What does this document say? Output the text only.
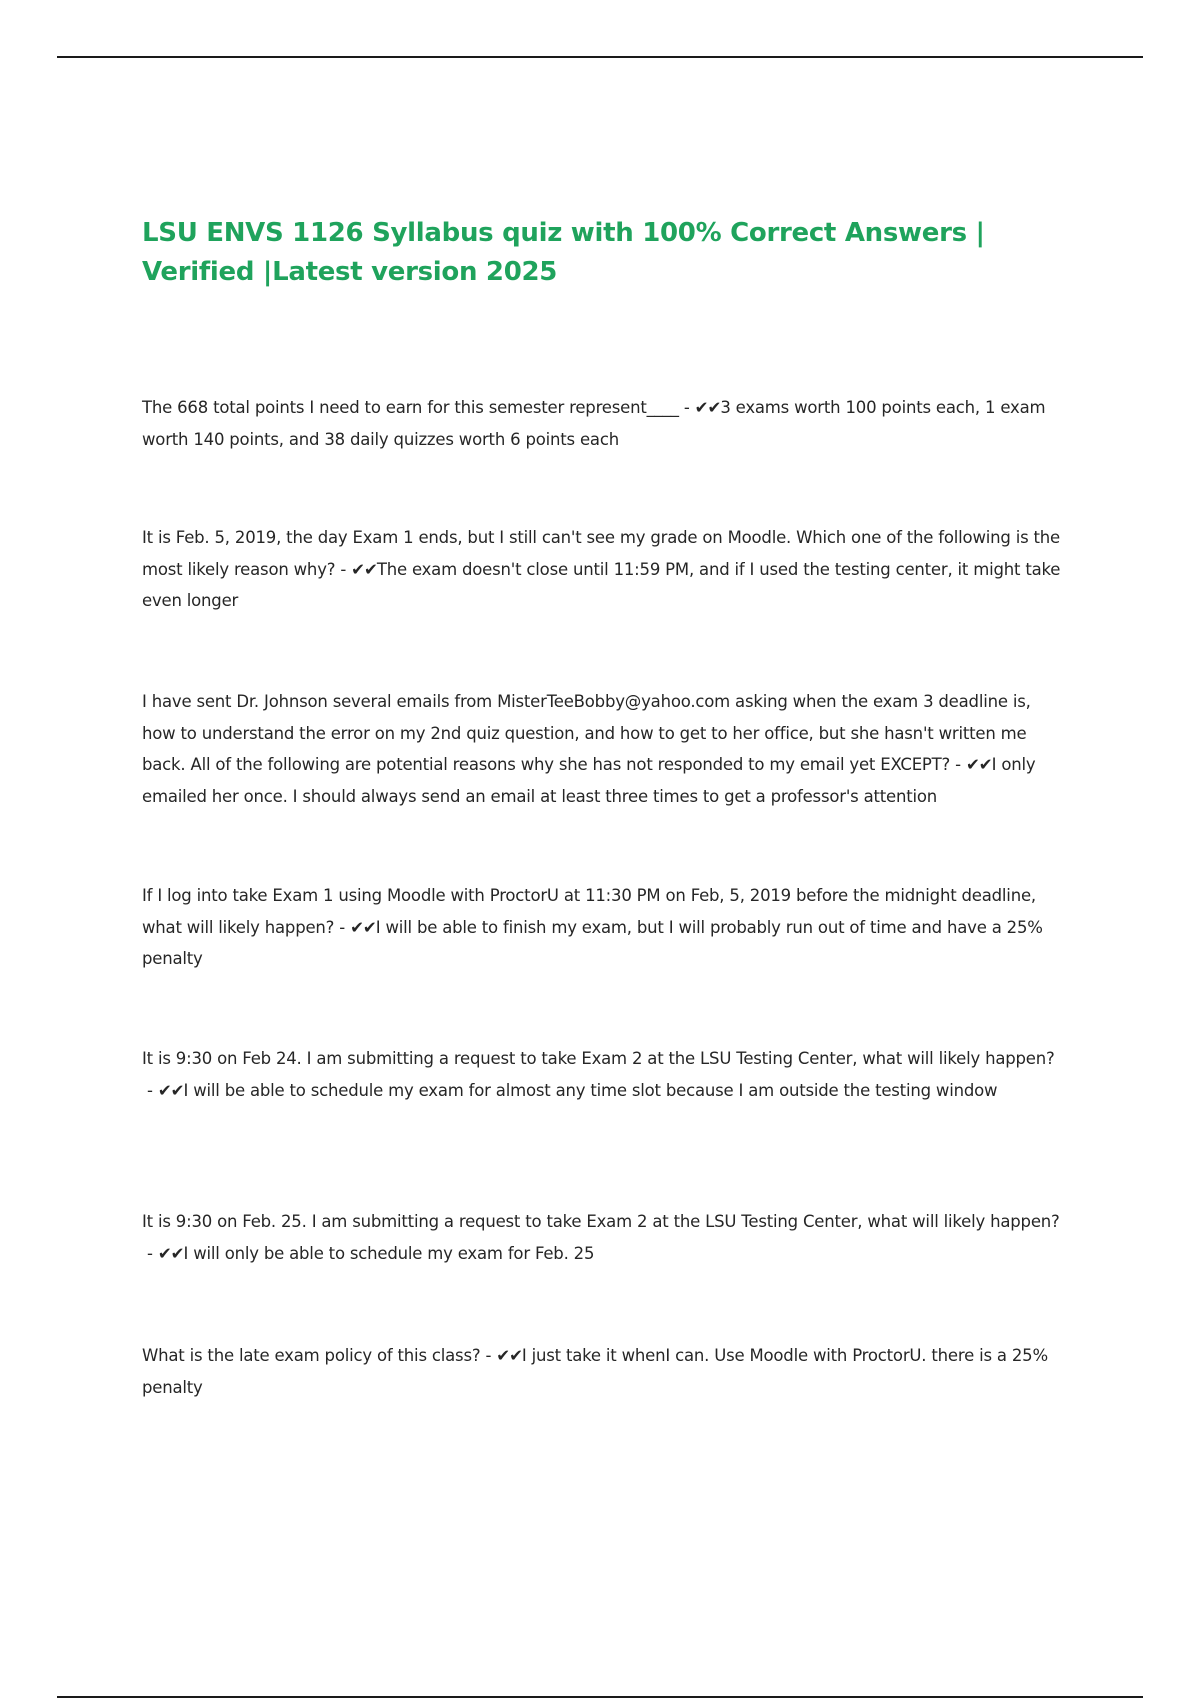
LSU ENVS 1126 Syllabus quiz with 100% Correct Answers | Verified |Latest version 2025

The 668 total points I need to earn for this semester represent____ - ✔✔3 exams worth 100 points each, 1 exam worth 140 points, and 38 daily quizzes worth 6 points each

It is Feb. 5, 2019, the day Exam 1 ends, but I still can't see my grade on Moodle. Which one of the following is the most likely reason why? - ✔✔The exam doesn't close until 11:59 PM, and if I used the testing center, it might take even longer

I have sent Dr. Johnson several emails from MisterTeeBobby@yahoo.com asking when the exam 3 deadline is, how to understand the error on my 2nd quiz question, and how to get to her office, but she hasn't written me back. All of the following are potential reasons why she has not responded to my email yet EXCEPT? - ✔✔I only emailed her once. I should always send an email at least three times to get a professor's attention

If I log into take Exam 1 using Moodle with ProctorU at 11:30 PM on Feb, 5, 2019 before the midnight deadline, what will likely happen? - ✔✔I will be able to finish my exam, but I will probably run out of time and have a 25% penalty

It is 9:30 on Feb 24. I am submitting a request to take Exam 2 at the LSU Testing Center, what will likely happen? - ✔✔I will be able to schedule my exam for almost any time slot because I am outside the testing window

It is 9:30 on Feb. 25. I am submitting a request to take Exam 2 at the LSU Testing Center, what will likely happen? - ✔✔I will only be able to schedule my exam for Feb. 25

What is the late exam policy of this class? - ✔✔I just take it whenI can. Use Moodle with ProctorU. there is a 25% penalty
